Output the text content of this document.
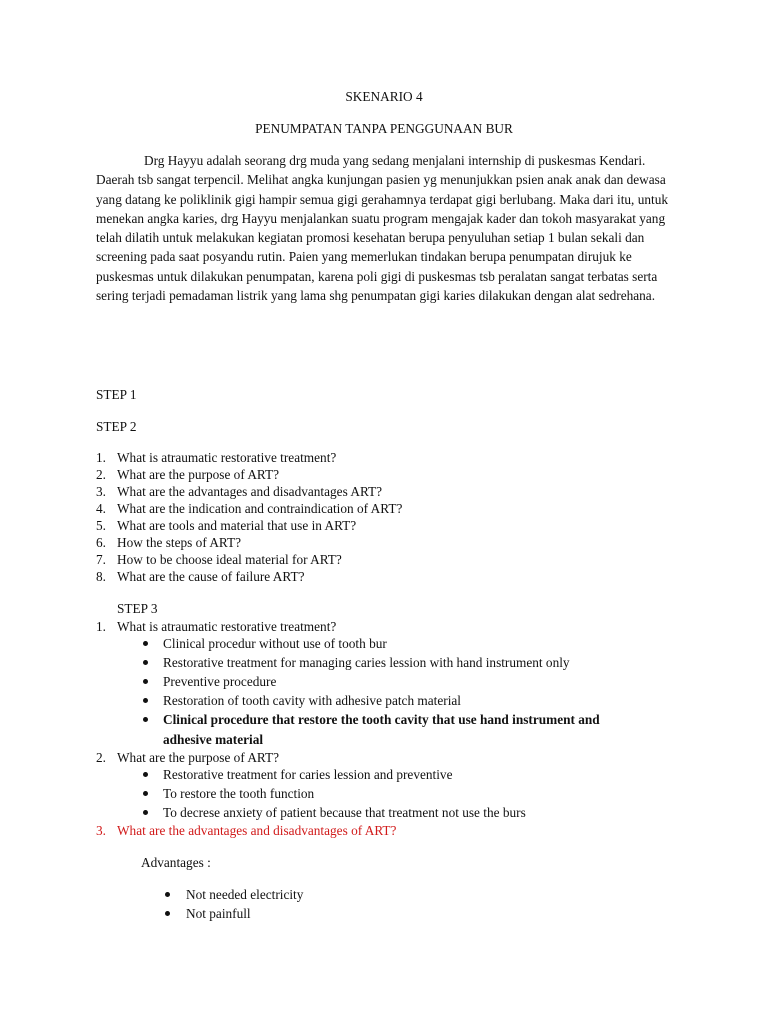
SKENARIO 4
PENUMPATAN TANPA PENGGUNAAN BUR
Drg Hayyu adalah seorang drg muda yang sedang menjalani internship di puskesmas Kendari. Daerah tsb sangat terpencil. Melihat angka kunjungan pasien yg menunjukkan psien anak anak dan dewasa yang datang ke poliklinik gigi hampir semua gigi gerahamnya terdapat gigi berlubang. Maka dari itu, untuk menekan angka karies, drg Hayyu menjalankan suatu program mengajak kader dan tokoh masyarakat yang telah dilatih untuk melakukan kegiatan promosi kesehatan berupa penyuluhan setiap 1 bulan sekali dan screening pada saat posyandu rutin. Paien yang memerlukan tindakan berupa penumpatan dirujuk ke puskesmas untuk dilakukan penumpatan, karena poli gigi di puskesmas tsb peralatan sangat terbatas serta sering terjadi pemadaman listrik yang lama shg penumpatan gigi karies dilakukan dengan alat sedrehana.
STEP 1
STEP 2
1. What is atraumatic restorative treatment?
2. What are the purpose of ART?
3. What are the advantages and disadvantages ART?
4. What are the indication and contraindication of ART?
5. What are tools and material that use in ART?
6. How the steps of ART?
7. How to be choose ideal material for ART?
8. What are the cause of failure ART?
STEP 3
1. What is atraumatic restorative treatment?
Clinical procedur without use of tooth bur
Restorative treatment for managing caries lession with hand instrument only
Preventive procedure
Restoration of tooth cavity with adhesive patch material
Clinical procedure that restore the tooth cavity that use hand instrument and
adhesive material
2. What are the purpose of ART?
Restorative treatment for caries lession and preventive
To restore the tooth function
To decrese anxiety of patient because that treatment not use the burs
3. What are the advantages and disadvantages of ART?
Advantages :
Not needed electricity
Not painfull
